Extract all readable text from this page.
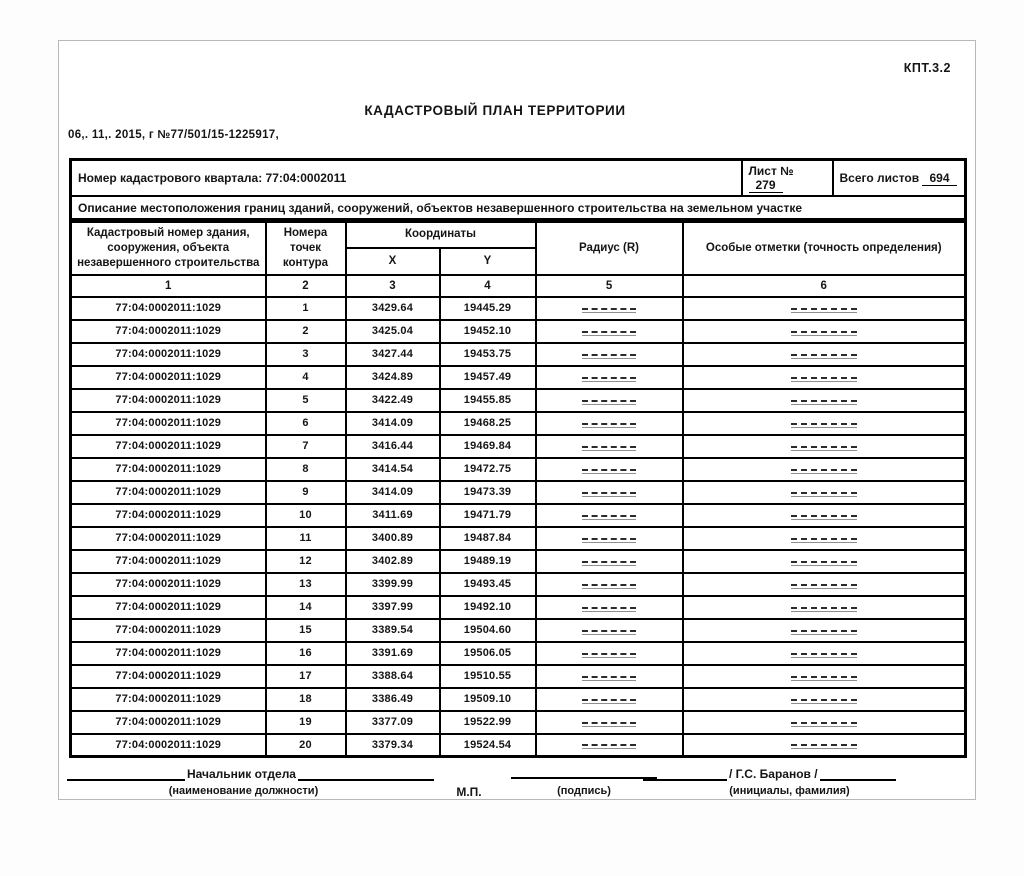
КПТ.3.2
КАДАСТРОВЫЙ ПЛАН ТЕРРИТОРИИ
06,. 11,. 2015, г №77/501/15-1225917,
Номер кадастрового квартала: 77:04:0002011	Лист № 279	Всего листов 694
Описание местоположения границ зданий, сооружений, объектов незавершенного строительства на земельном участке
Кадастровый номер здания, сооружения, объекта незавершенного строительства	Номера точек контура	Координаты		Радиус (R)	Особые отметки (точность определения)
		X	Y		
1	2	3	4	5	6
77:04:0002011:1029	1	3429.64	19445.29		
77:04:0002011:1029	2	3425.04	19452.10		
77:04:0002011:1029	3	3427.44	19453.75		
77:04:0002011:1029	4	3424.89	19457.49		
77:04:0002011:1029	5	3422.49	19455.85		
77:04:0002011:1029	6	3414.09	19468.25		
77:04:0002011:1029	7	3416.44	19469.84		
77:04:0002011:1029	8	3414.54	19472.75		
77:04:0002011:1029	9	3414.09	19473.39		
77:04:0002011:1029	10	3411.69	19471.79		
77:04:0002011:1029	11	3400.89	19487.84		
77:04:0002011:1029	12	3402.89	19489.19		
77:04:0002011:1029	13	3399.99	19493.45		
77:04:0002011:1029	14	3397.99	19492.10		
77:04:0002011:1029	15	3389.54	19504.60		
77:04:0002011:1029	16	3391.69	19506.05		
77:04:0002011:1029	17	3388.64	19510.55		
77:04:0002011:1029	18	3386.49	19509.10		
77:04:0002011:1029	19	3377.09	19522.99		
77:04:0002011:1029	20	3379.34	19524.54		
Начальник отдела	/ Г.С. Баранов /
(наименование должности)	М.П.	(подпись)	(инициалы, фамилия)
